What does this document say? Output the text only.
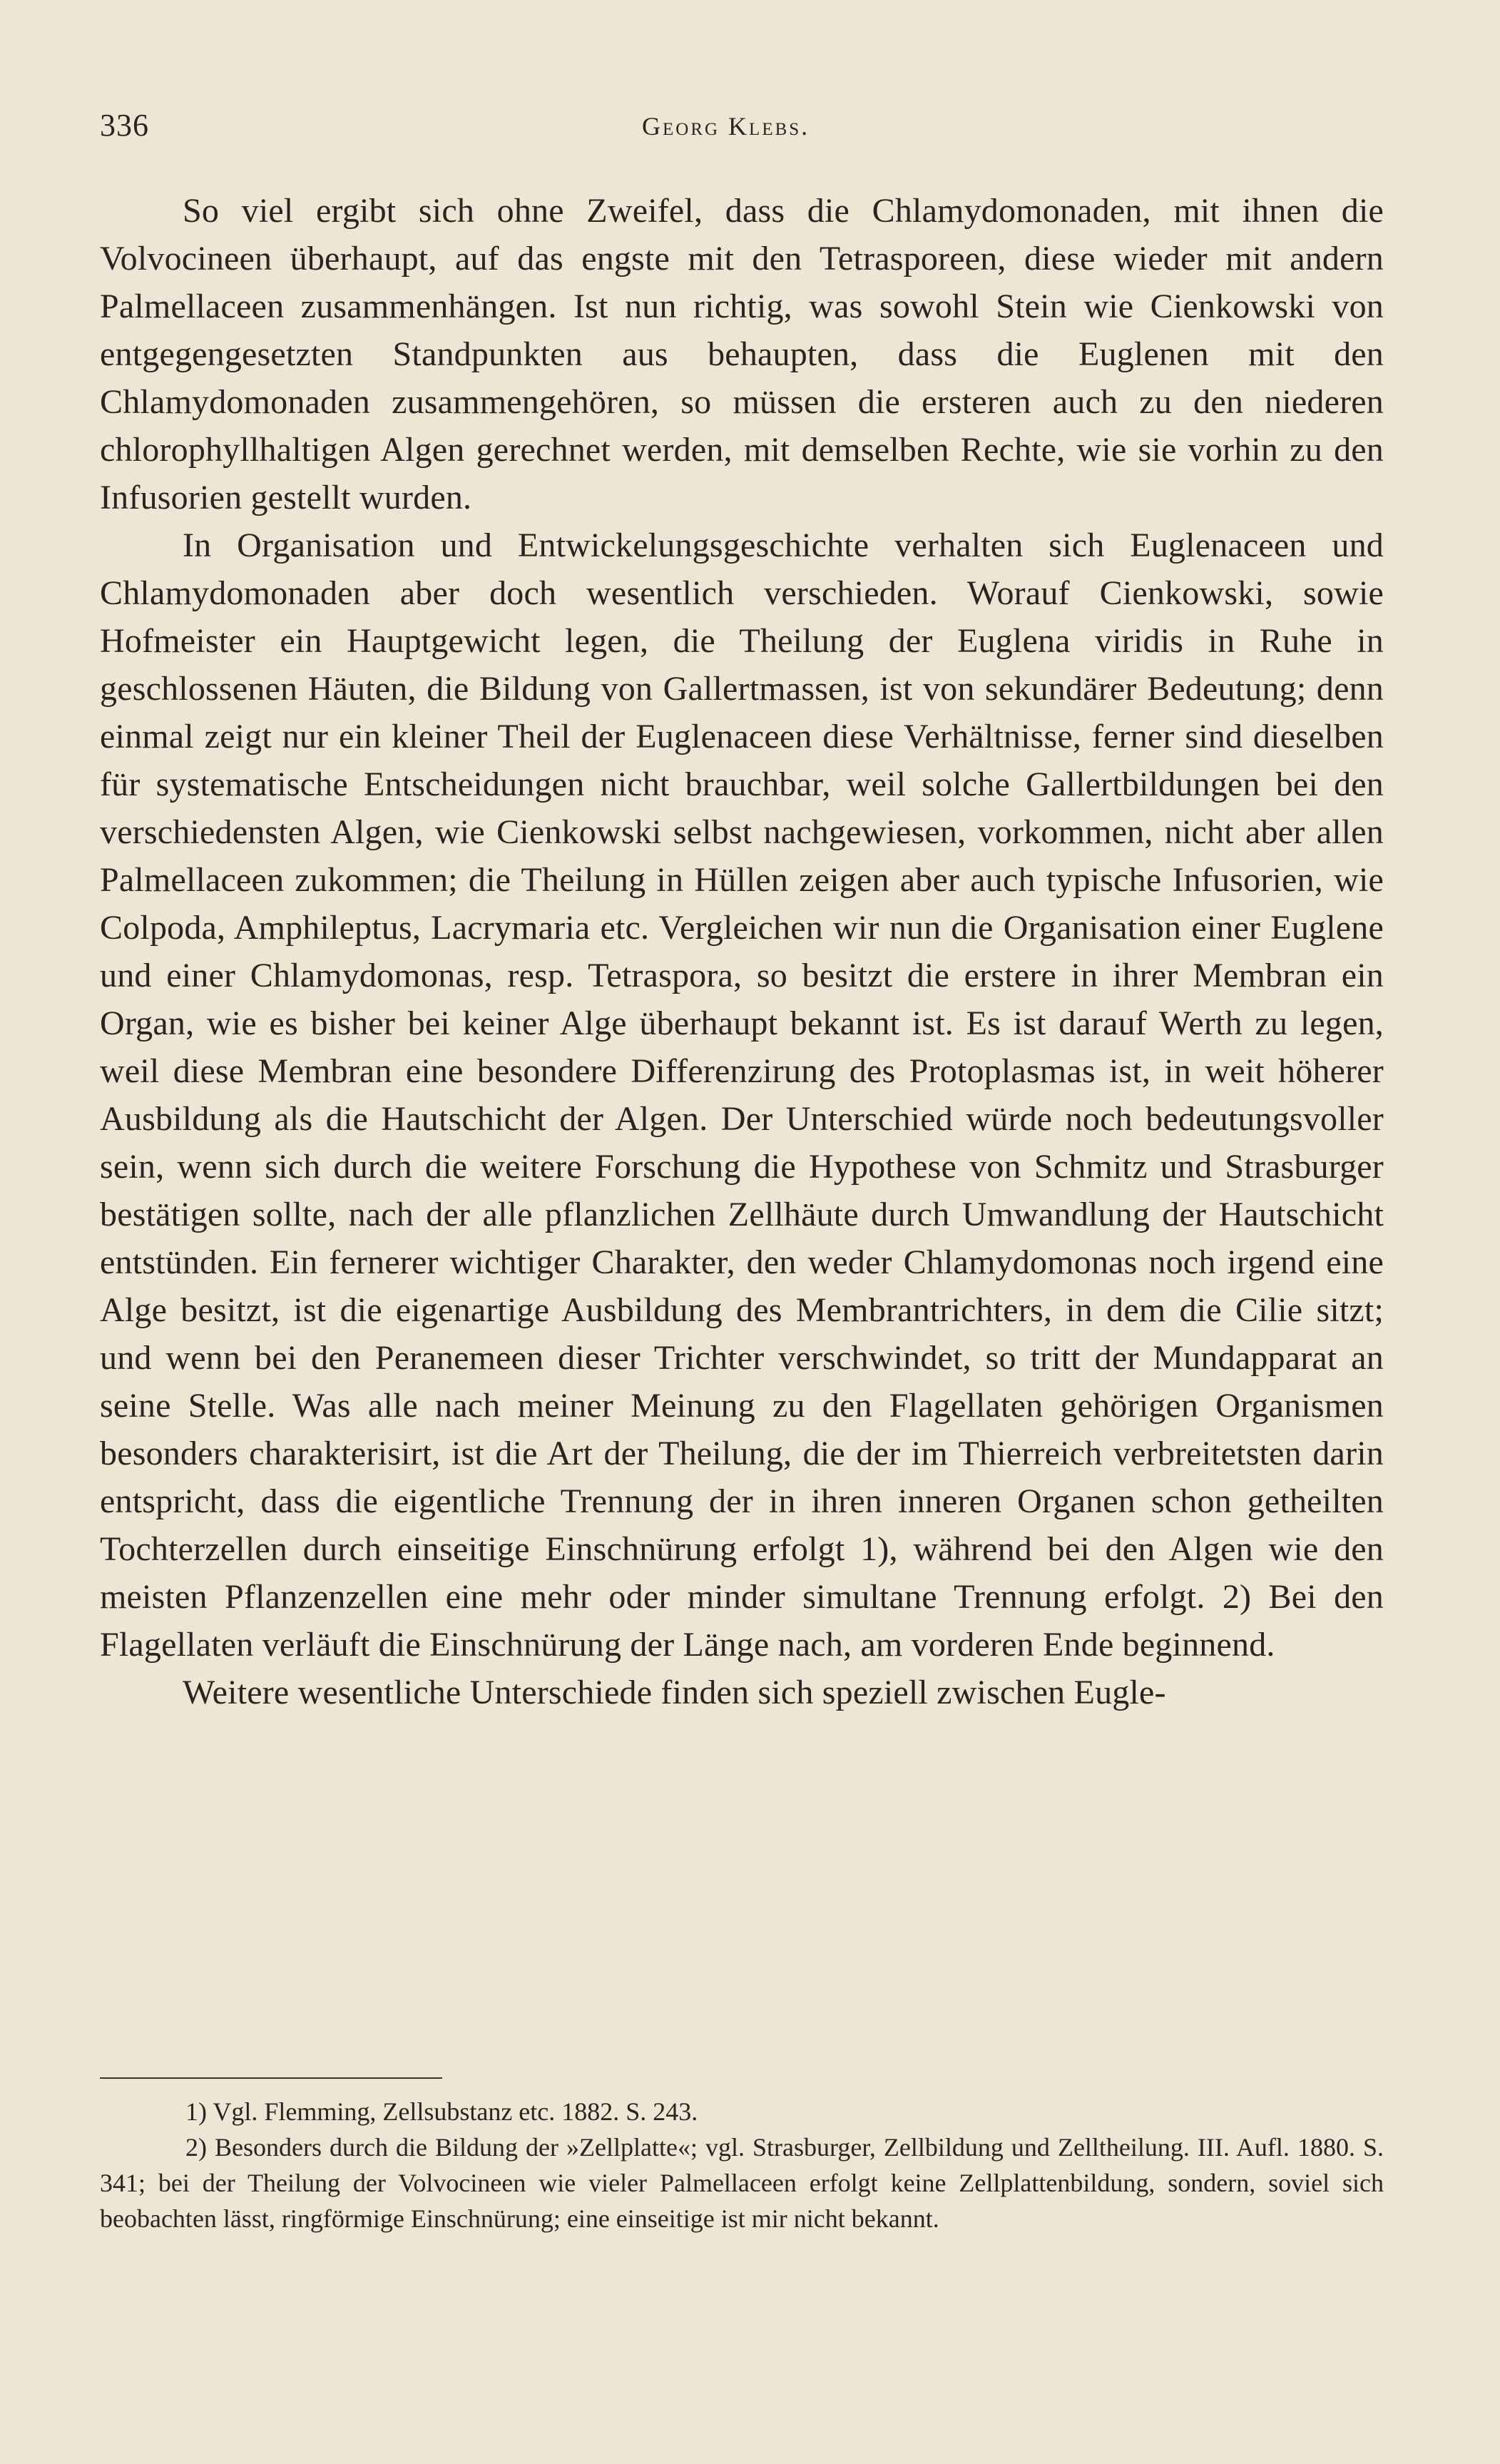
336	Georg Klebs.

So viel ergibt sich ohne Zweifel, dass die Chlamydomonaden, mit ihnen die Volvocineen überhaupt, auf das engste mit den Tetrasporeen, diese wieder mit andern Palmellaceen zusammenhängen. Ist nun richtig, was sowohl Stein wie Cienkowski von entgegengesetzten Standpunkten aus behaupten, dass die Euglenen mit den Chlamydomonaden zusammengehören, so müssen die ersteren auch zu den niederen chlorophyllhaltigen Algen gerechnet werden, mit demselben Rechte, wie sie vorhin zu den Infusorien gestellt wurden.

In Organisation und Entwickelungsgeschichte verhalten sich Euglenaceen und Chlamydomonaden aber doch wesentlich verschieden. Worauf Cienkowski, sowie Hofmeister ein Hauptgewicht legen, die Theilung der Euglena viridis in Ruhe in geschlossenen Häuten, die Bildung von Gallertmassen, ist von sekundärer Bedeutung; denn einmal zeigt nur ein kleiner Theil der Euglenaceen diese Verhältnisse, ferner sind dieselben für systematische Entscheidungen nicht brauchbar, weil solche Gallertbildungen bei den verschiedensten Algen, wie Cienkowski selbst nachgewiesen, vorkommen, nicht aber allen Palmellaceen zukommen; die Theilung in Hüllen zeigen aber auch typische Infusorien, wie Colpoda, Amphileptus, Lacrymaria etc. Vergleichen wir nun die Organisation einer Euglene und einer Chlamydomonas, resp. Tetraspora, so besitzt die erstere in ihrer Membran ein Organ, wie es bisher bei keiner Alge überhaupt bekannt ist. Es ist darauf Werth zu legen, weil diese Membran eine besondere Differenzirung des Protoplasmas ist, in weit höherer Ausbildung als die Hautschicht der Algen. Der Unterschied würde noch bedeutungsvoller sein, wenn sich durch die weitere Forschung die Hypothese von Schmitz und Strasburger bestätigen sollte, nach der alle pflanzlichen Zellhäute durch Umwandlung der Hautschicht entstünden. Ein fernerer wichtiger Charakter, den weder Chlamydomonas noch irgend eine Alge besitzt, ist die eigenartige Ausbildung des Membrantrichters, in dem die Cilie sitzt; und wenn bei den Peranemeen dieser Trichter verschwindet, so tritt der Mundapparat an seine Stelle. Was alle nach meiner Meinung zu den Flagellaten gehörigen Organismen besonders charakterisirt, ist die Art der Theilung, die der im Thierreich verbreitetsten darin entspricht, dass die eigentliche Trennung der in ihren inneren Organen schon getheilten Tochterzellen durch einseitige Einschnürung erfolgt 1), während bei den Algen wie den meisten Pflanzenzellen eine mehr oder minder simultane Trennung erfolgt. 2) Bei den Flagellaten verläuft die Einschnürung der Länge nach, am vorderen Ende beginnend.

Weitere wesentliche Unterschiede finden sich speziell zwischen Eugle-

1) Vgl. Flemming, Zellsubstanz etc. 1882. S. 243.

2) Besonders durch die Bildung der »Zellplatte«; vgl. Strasburger, Zellbildung und Zelltheilung. III. Aufl. 1880. S. 341; bei der Theilung der Volvocineen wie vieler Palmellaceen erfolgt keine Zellplattenbildung, sondern, soviel sich beobachten lässt, ringförmige Einschnürung; eine einseitige ist mir nicht bekannt.
